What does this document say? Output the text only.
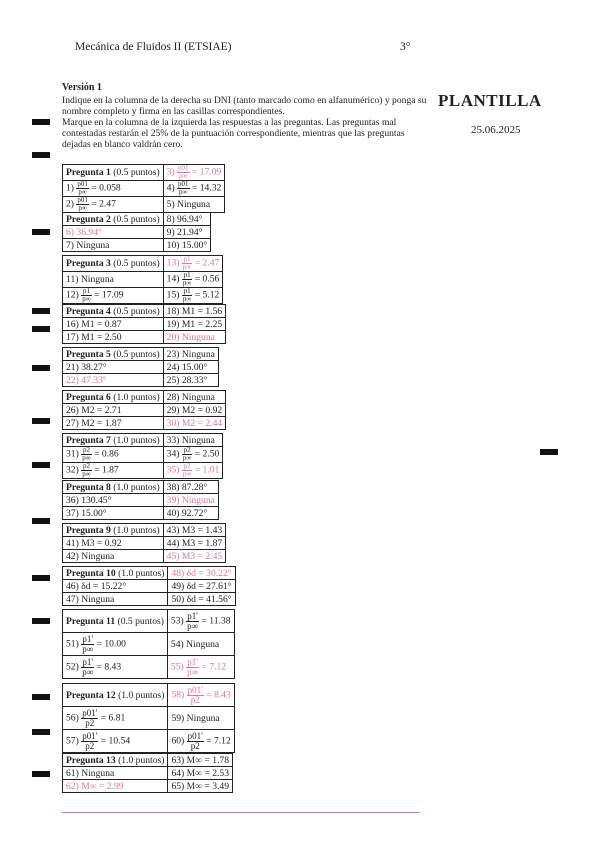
Mecánica de Fluidos II (ETSIAE)	3°
Versión 1
Indique en la columna de la derecha su DNI (tanto marcado como en alfanumérico) y ponga su nombre completo y firma en las casillas correspondientes.
Marque en la columna de la izquierda las respuestas a las preguntas. Las preguntas mal contestadas restarán el 25% de la puntuación correspondiente, mientras que las preguntas dejadas en blanco valdrán cero.
PLANTILLA
25.06.2025
Pregunta 1 (0.5 puntos)	$3) \frac{p01}{p\infty} = 17.09$
$1) \frac{p01}{p\infty} = 0.058$	$4) \frac{p01}{p\infty} = 14.32$
$2) \frac{p01}{p\infty} = 2.47$	5) Ninguna
Pregunta 2 (0.5 puntos)	8) 96.94°
6) 36.94°	9) 21.94°
7) Ninguna	10) 15.00°
Pregunta 3 (0.5 puntos)	$13) \frac{p1}{p\infty} = 2.47$
11) Ninguna	$14) \frac{p1}{p\infty} = 0.56$
$12) \frac{p1}{p\infty} = 17.09$	$15) \frac{p1}{p\infty} = 5.12$
Pregunta 4 (0.5 puntos)	18) M1 = 1.56
16) M1 = 0.87	19) M1 = 2.25
17) M1 = 2.50	20) Ninguna
Pregunta 5 (0.5 puntos)	23) Ninguna
21) 38.27°	24) 15.00°
22) 47.33°	25) 28.33°
Pregunta 6 (1.0 puntos)	28) Ninguna
26) M2 = 2.71	29) M2 = 0.92
27) M2 = 1.87	30) M2 = 2.44
Pregunta 7 (1.0 puntos)	33) Ninguna
$31) \frac{p2}{p\infty} = 0.86$	$34) \frac{p2}{p\infty} = 2.50$
$32) \frac{p2}{p\infty} = 1.87$	$35) \frac{p2}{p\infty} = 1.01$
Pregunta 8 (1.0 puntos)	38) 87.28°
36) 130.45°	39) Ninguna
37) 15.00°	40) 92.72°
Pregunta 9 (1.0 puntos)	43) M3 = 1.43
41) M3 = 0.92	44) M3 = 1.87
42) Ninguna	45) M3 = 2.45
Pregunta 10 (1.0 puntos)	48) δd = 30.22°
46) δd = 15.22°	49) δd = 27.61°
47) Ninguna	50) δd = 41.56°
Pregunta 11 (0.5 puntos)	$53) \frac{p1'}{p\infty} = 11.38$
$51) \frac{p1'}{p\infty} = 10.00$	54) Ninguna
$52) \frac{p1'}{p\infty} = 8.43$	$55) \frac{p1'}{p\infty} = 7.12$
Pregunta 12 (1.0 puntos)	$58) \frac{p01'}{p2} = 8.43$
$56) \frac{p01'}{p2} = 6.81$	59) Ninguna
$57) \frac{p01'}{p2} = 10.54$	$60) \frac{p01'}{p2} = 7.12$
Pregunta 13 (1.0 puntos)	63) M∞ = 1.78
61) Ninguna	64) M∞ = 2.53
62) M∞ = 2.99	65) M∞ = 3.49
